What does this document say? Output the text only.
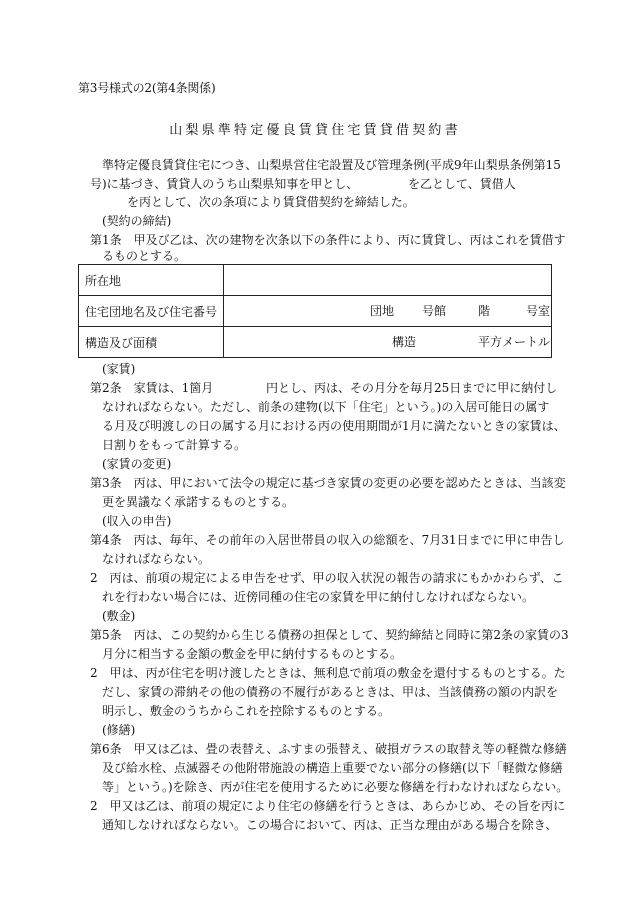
第3号様式の2(第4条関係)
山梨県準特定優良賃貸住宅賃貸借契約書
準特定優良賃貸住宅につき、山梨県営住宅設置及び管理条例(平成9年山梨県条例第15
号)に基づき、賃貸人のうち山梨県知事を甲とし、	を乙として、賃借人
を丙として、次の条項により賃貸借契約を締結した。
(契約の締結)
第1条　甲及び乙は、次の建物を次条以下の条件により、丙に賃貸し、丙はこれを賃借す
るものとする。
所在地	
住宅団地名及び住宅番号	団地 号館 階 号室

構造及び面積	構造 平方メートル
(家賃)
第2条　家賃は、1箇月	円とし、丙は、その月分を毎月25日までに甲に納付し
なければならない。ただし、前条の建物(以下「住宅」という。)の入居可能日の属す
る月及び明渡しの日の属する月における丙の使用期間が1月に満たないときの家賃は、
日割りをもって計算する。
(家賃の変更)
第3条　丙は、甲において法令の規定に基づき家賃の変更の必要を認めたときは、当該変
更を異議なく承諾するものとする。
(収入の申告)
第4条　丙は、毎年、その前年の入居世帯員の収入の総額を、7月31日までに甲に申告し
なければならない。
2　丙は、前項の規定による申告をせず、甲の収入状況の報告の請求にもかかわらず、こ
れを行わない場合には、近傍同種の住宅の家賃を甲に納付しなければならない。
(敷金)
第5条　丙は、この契約から生じる債務の担保として、契約締結と同時に第2条の家賃の3
月分に相当する金額の敷金を甲に納付するものとする。
2　甲は、丙が住宅を明け渡したときは、無利息で前項の敷金を還付するものとする。た
だし、家賃の滞納その他の債務の不履行があるときは、甲は、当該債務の額の内訳を
明示し、敷金のうちからこれを控除するものとする。
(修繕)
第6条　甲又は乙は、畳の表替え、ふすまの張替え、破損ガラスの取替え等の軽微な修繕
及び給水栓、点滅器その他附帯施設の構造上重要でない部分の修繕(以下「軽微な修繕
等」という。)を除き、丙が住宅を使用するために必要な修繕を行わなければならない。
2　甲又は乙は、前項の規定により住宅の修繕を行うときは、あらかじめ、その旨を丙に
通知しなければならない。この場合において、丙は、正当な理由がある場合を除き、
